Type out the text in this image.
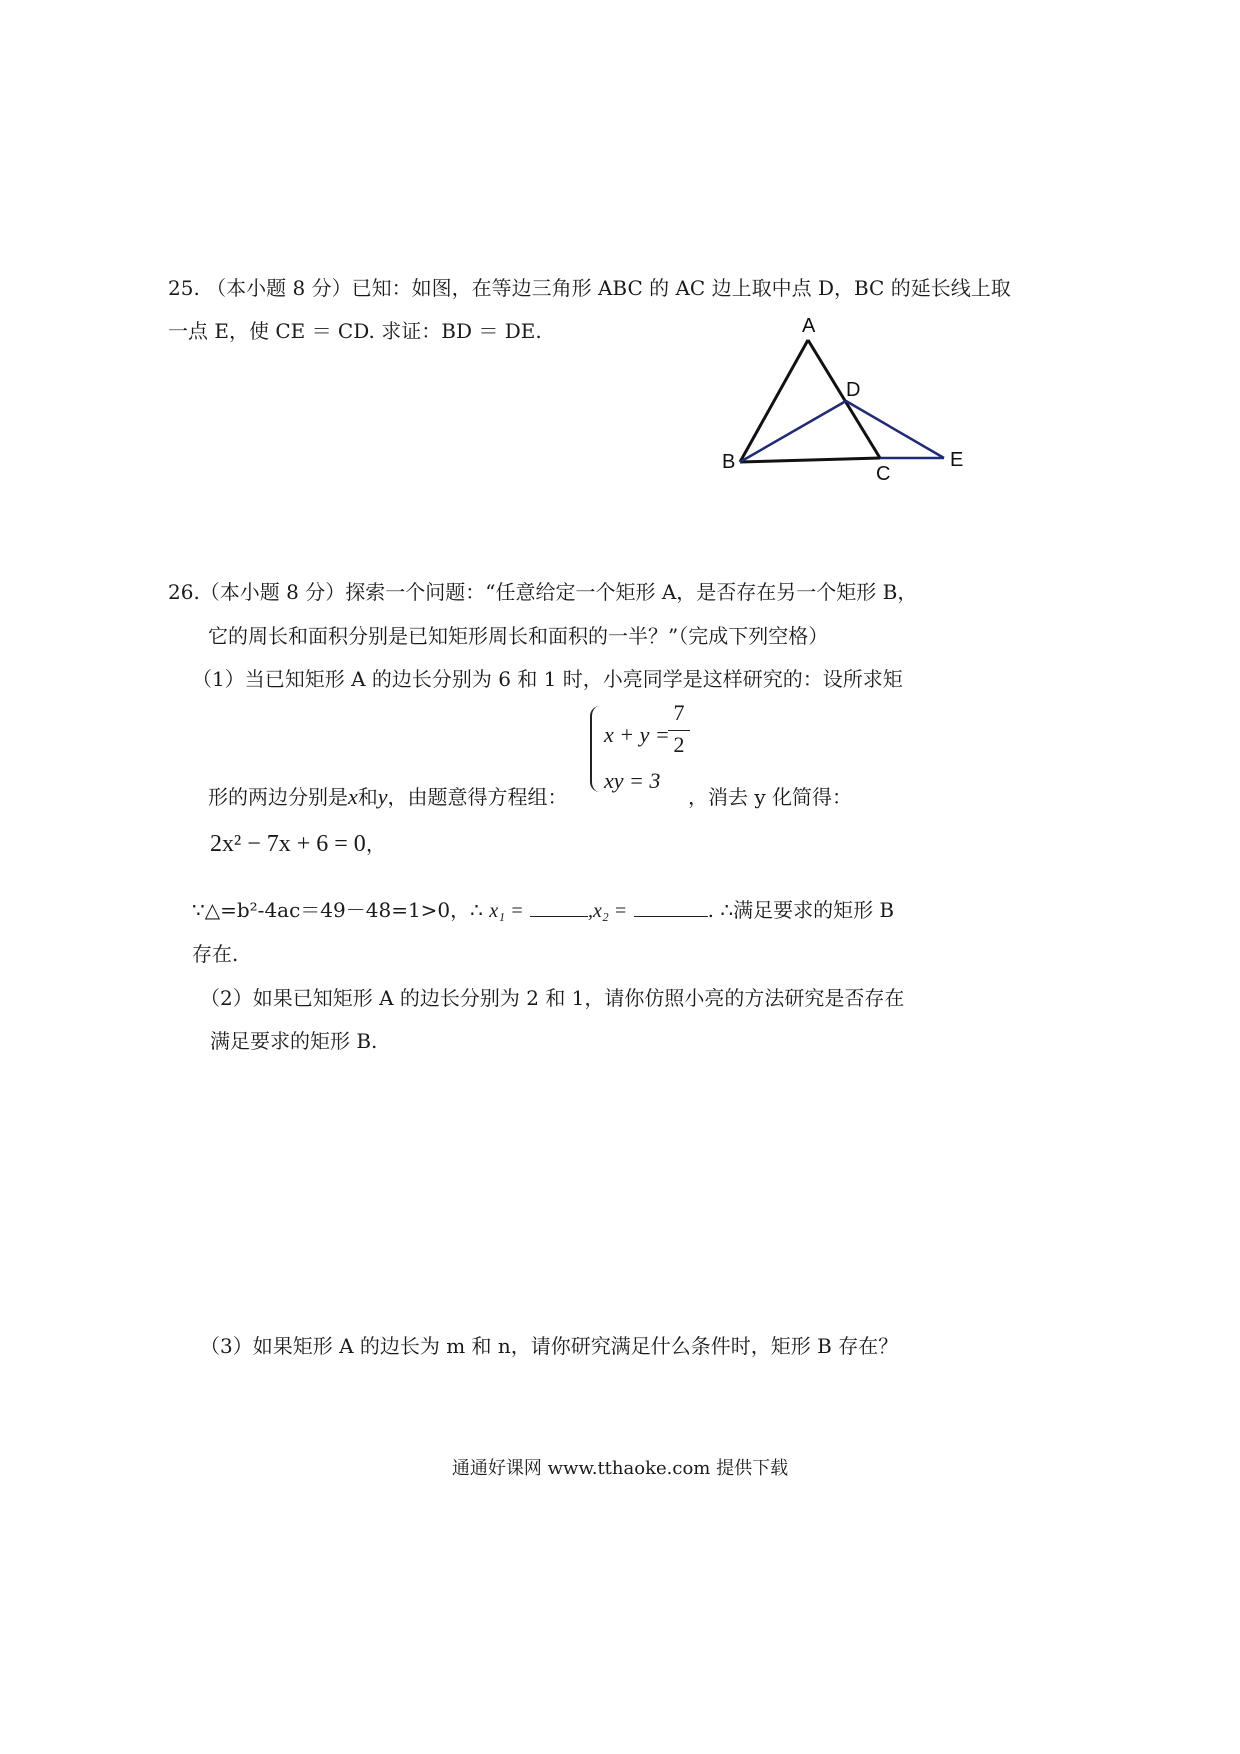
25. （本小题 8 分）已知：如图，在等边三角形 ABC 的 AC 边上取中点 D，BC 的延长线上取
一点 E，使 CE ＝ CD. 求证：BD ＝ DE.	A
B
C
D
E
26.（本小题 8 分）探索一个问题：“任意给定一个矩形 A，是否存在另一个矩形 B，
它的周长和面积分别是已知矩形周长和面积的一半？”（完成下列空格）
（1）当已知矩形 A 的边长分别为 6 和 1 时，小亮同学是这样研究的：设所求矩
x + y =
7
2
xy = 3
形的两边分别是x和y，由题意得方程组：	，消去 y 化简得：
2x² − 7x + 6 = 0，
∵△=b²-4ac＝49－48=1>0，∴ x₁ =	,x₂ =	. ∴满足要求的矩形 B
存在.
（2）如果已知矩形 A 的边长分别为 2 和 1，请你仿照小亮的方法研究是否存在
满足要求的矩形 B.
（3）如果矩形 A 的边长为 m 和 n，请你研究满足什么条件时，矩形 B 存在？
通通好课网 www.tthaoke.com 提供下载
